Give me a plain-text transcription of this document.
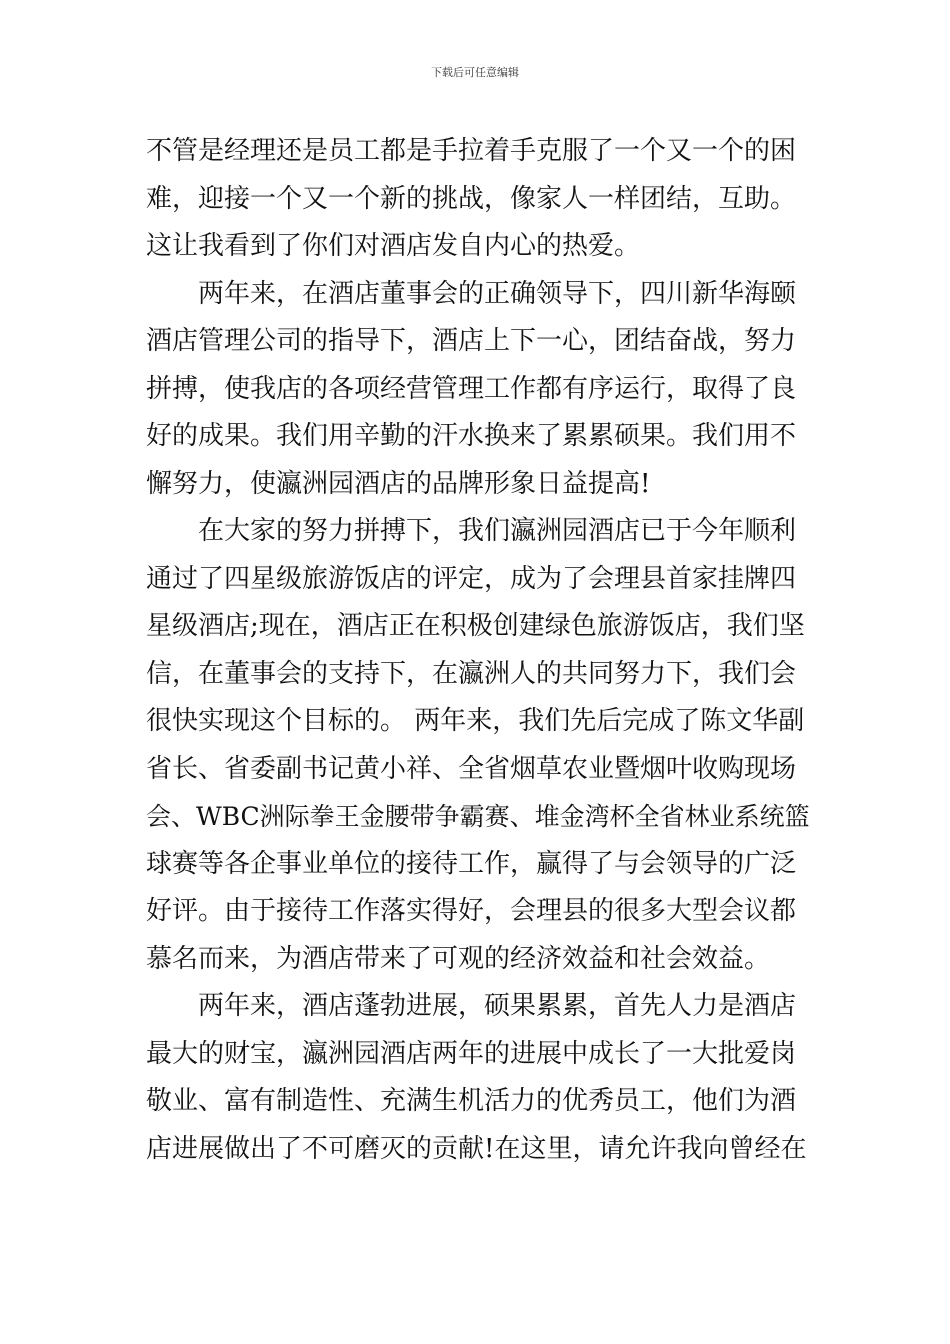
下载后可任意编辑
不管是经理还是员工都是手拉着手克服了一个又一个的困
难，迎接一个又一个新的挑战，像家人一样团结，互助。
这让我看到了你们对酒店发自内心的热爱。
两年来，在酒店董事会的正确领导下，四川新华海颐
酒店管理公司的指导下，酒店上下一心，团结奋战，努力
拼搏，使我店的各项经营管理工作都有序运行，取得了良
好的成果。我们用辛勤的汗水换来了累累硕果。我们用不
懈努力，使瀛洲园酒店的品牌形象日益提高!
在大家的努力拼搏下，我们瀛洲园酒店已于今年顺利
通过了四星级旅游饭店的评定，成为了会理县首家挂牌四
星级酒店;现在，酒店正在积极创建绿色旅游饭店，我们坚
信，在董事会的支持下，在瀛洲人的共同努力下，我们会
很快实现这个目标的。 两年来，我们先后完成了陈文华副
省长、省委副书记黄小祥、全省烟草农业暨烟叶收购现场
会、WBC洲际拳王金腰带争霸赛、堆金湾杯全省林业系统篮
球赛等各企事业单位的接待工作，赢得了与会领导的广泛
好评。由于接待工作落实得好，会理县的很多大型会议都
慕名而来，为酒店带来了可观的经济效益和社会效益。
两年来，酒店蓬勃进展，硕果累累，首先人力是酒店
最大的财宝，瀛洲园酒店两年的进展中成长了一大批爱岗
敬业、富有制造性、充满生机活力的优秀员工，他们为酒
店进展做出了不可磨灭的贡献!在这里，请允许我向曾经在
